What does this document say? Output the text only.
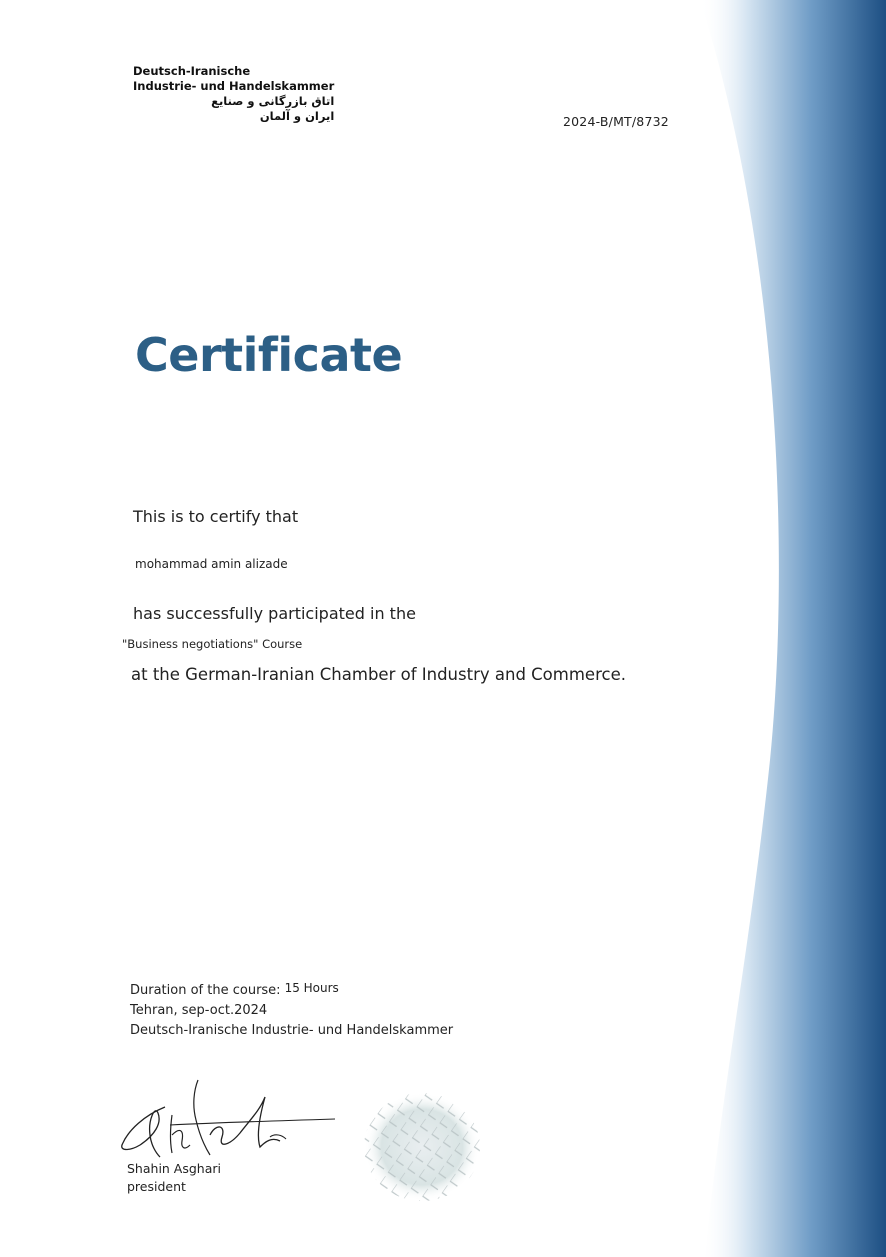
Deutsch-Iranische
Industrie- und Handelskammer
اتاق بازرگانی و صنایع
ایران و آلمان	2024-B/MT/8732
Certificate
This is to certify that
mohammad amin alizade
has successfully participated in the
"Business negotiations" Course
at the German-Iranian Chamber of Industry and Commerce.
Duration of the course: 15 Hours
Tehran, sep-oct.2024
Deutsch-Iranische Industrie- und Handelskammer
Shahin Asghari
president
